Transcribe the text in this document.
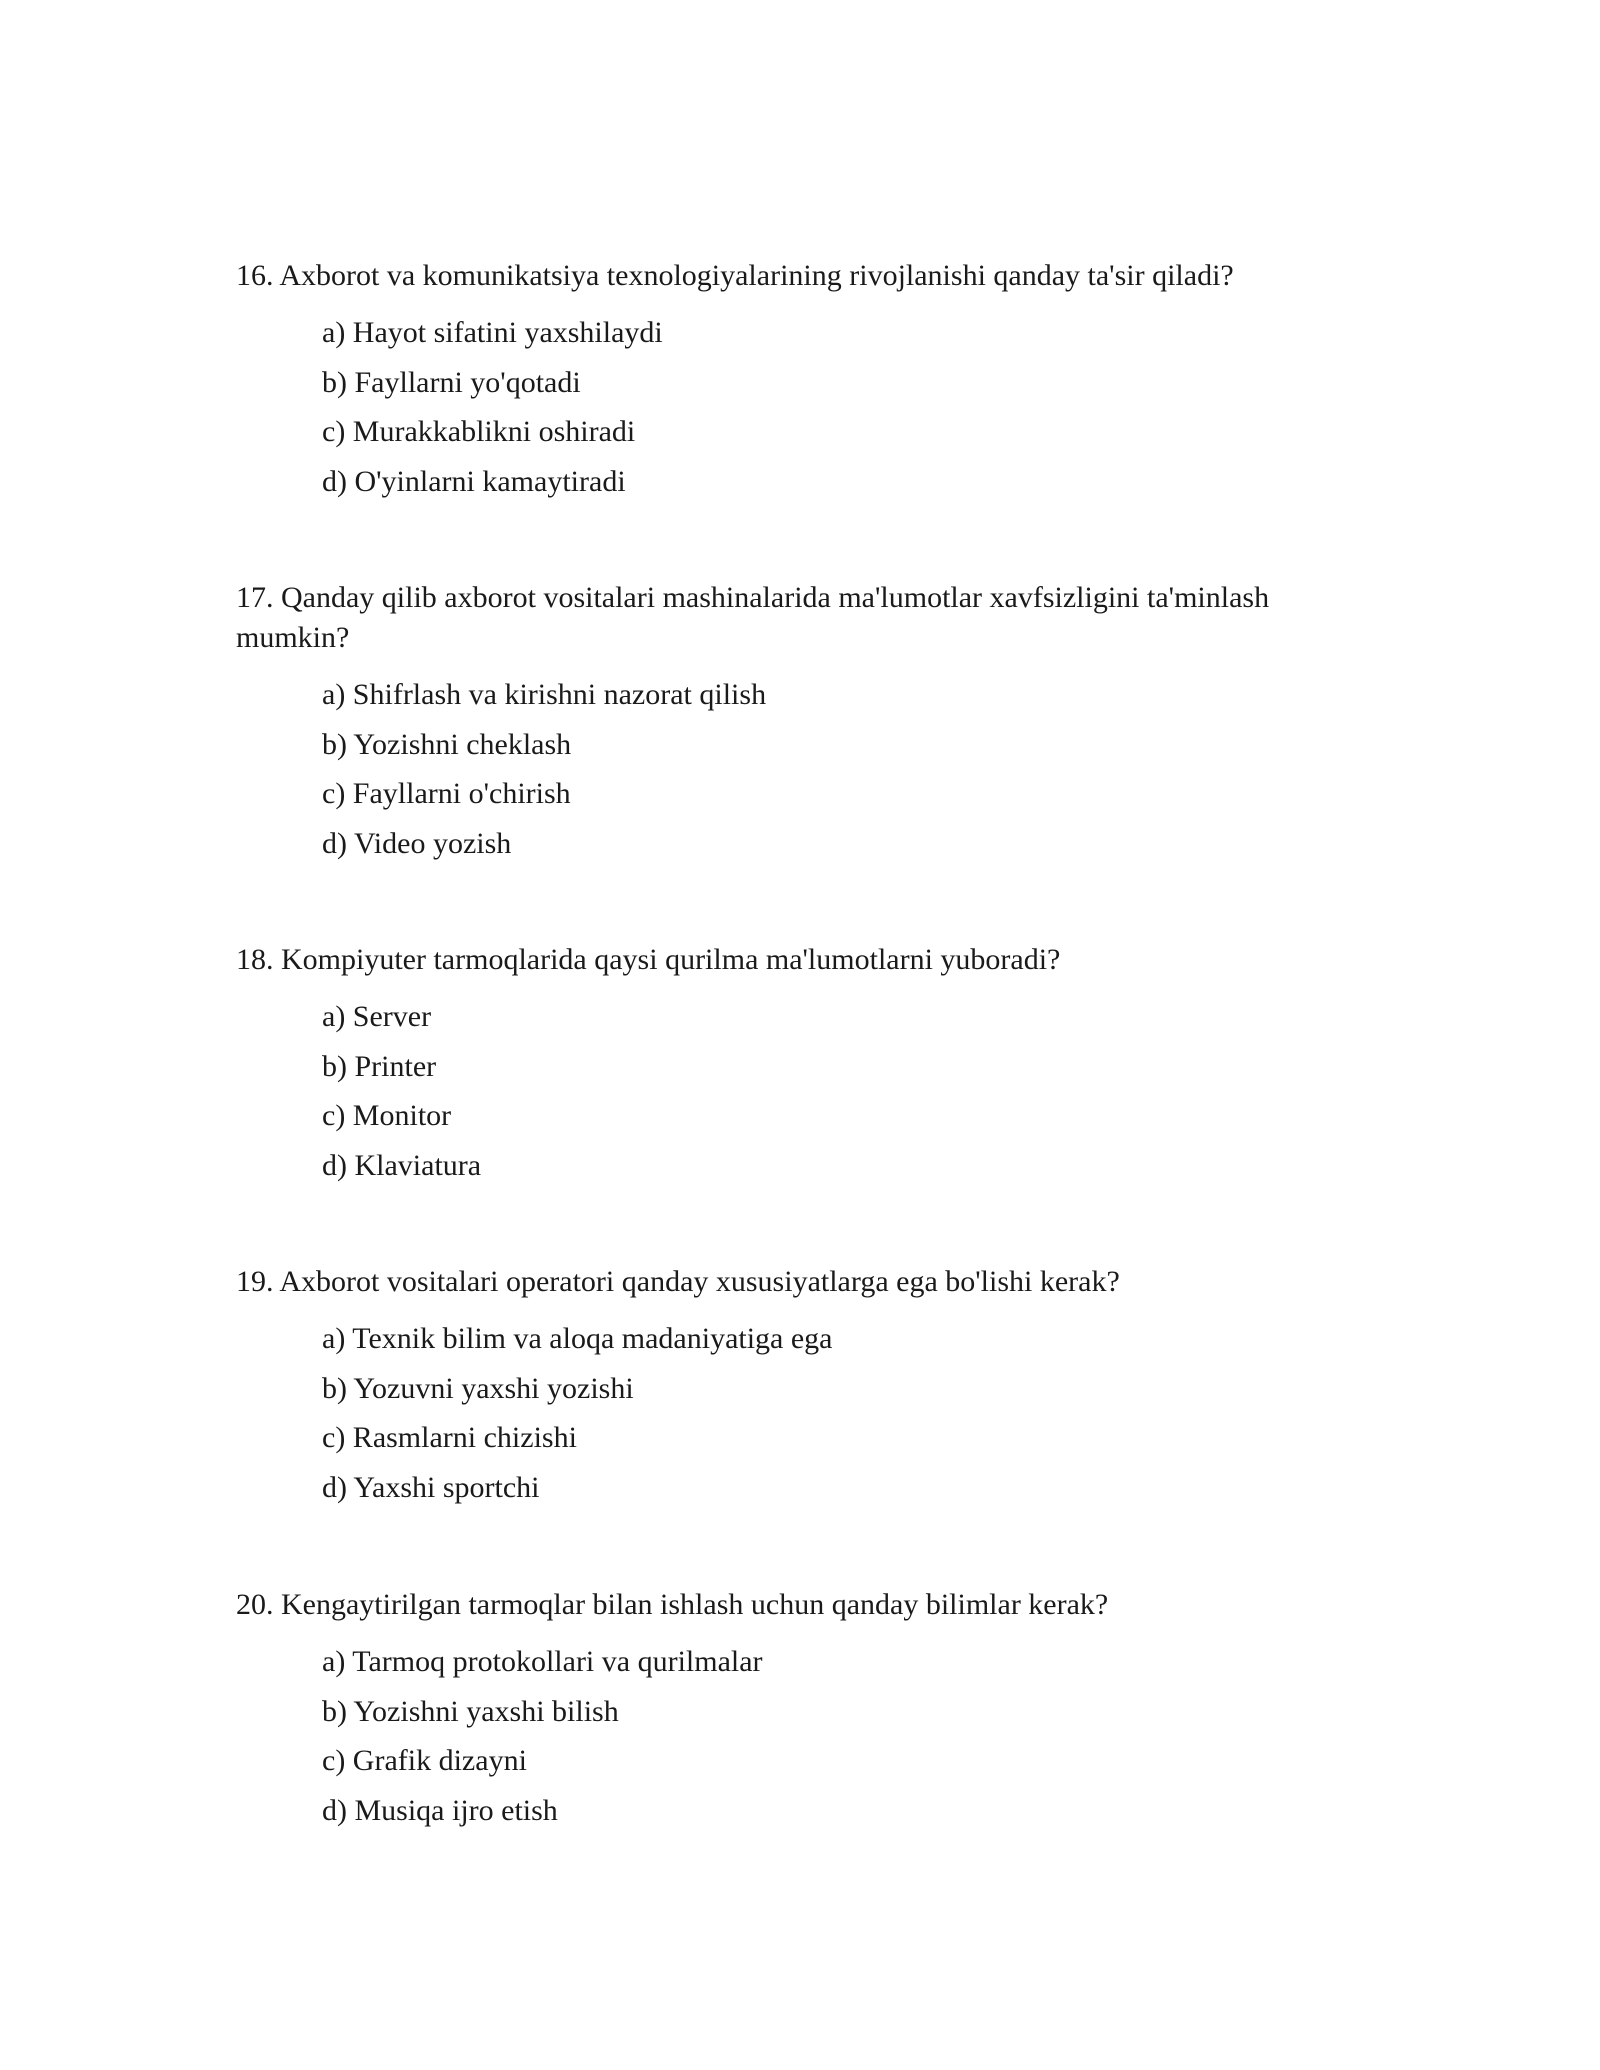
16. Axborot va komunikatsiya texnologiyalarining rivojlanishi qanday ta'sir qiladi?

a) Hayot sifatini yaxshilaydi
b) Fayllarni yo'qotadi
c) Murakkablikni oshiradi
d) O'yinlarni kamaytiradi

17. Qanday qilib axborot vositalari mashinalarida ma'lumotlar xavfsizligini ta'minlash mumkin?

a) Shifrlash va kirishni nazorat qilish
b) Yozishni cheklash
c) Fayllarni o'chirish
d) Video yozish

18. Kompiyuter tarmoqlarida qaysi qurilma ma'lumotlarni yuboradi?

a) Server
b) Printer
c) Monitor
d) Klaviatura

19. Axborot vositalari operatori qanday xususiyatlarga ega bo'lishi kerak?

a) Texnik bilim va aloqa madaniyatiga ega
b) Yozuvni yaxshi yozishi
c) Rasmlarni chizishi
d) Yaxshi sportchi

20. Kengaytirilgan tarmoqlar bilan ishlash uchun qanday bilimlar kerak?

a) Tarmoq protokollari va qurilmalar
b) Yozishni yaxshi bilish
c) Grafik dizayni
d) Musiqa ijro etish
